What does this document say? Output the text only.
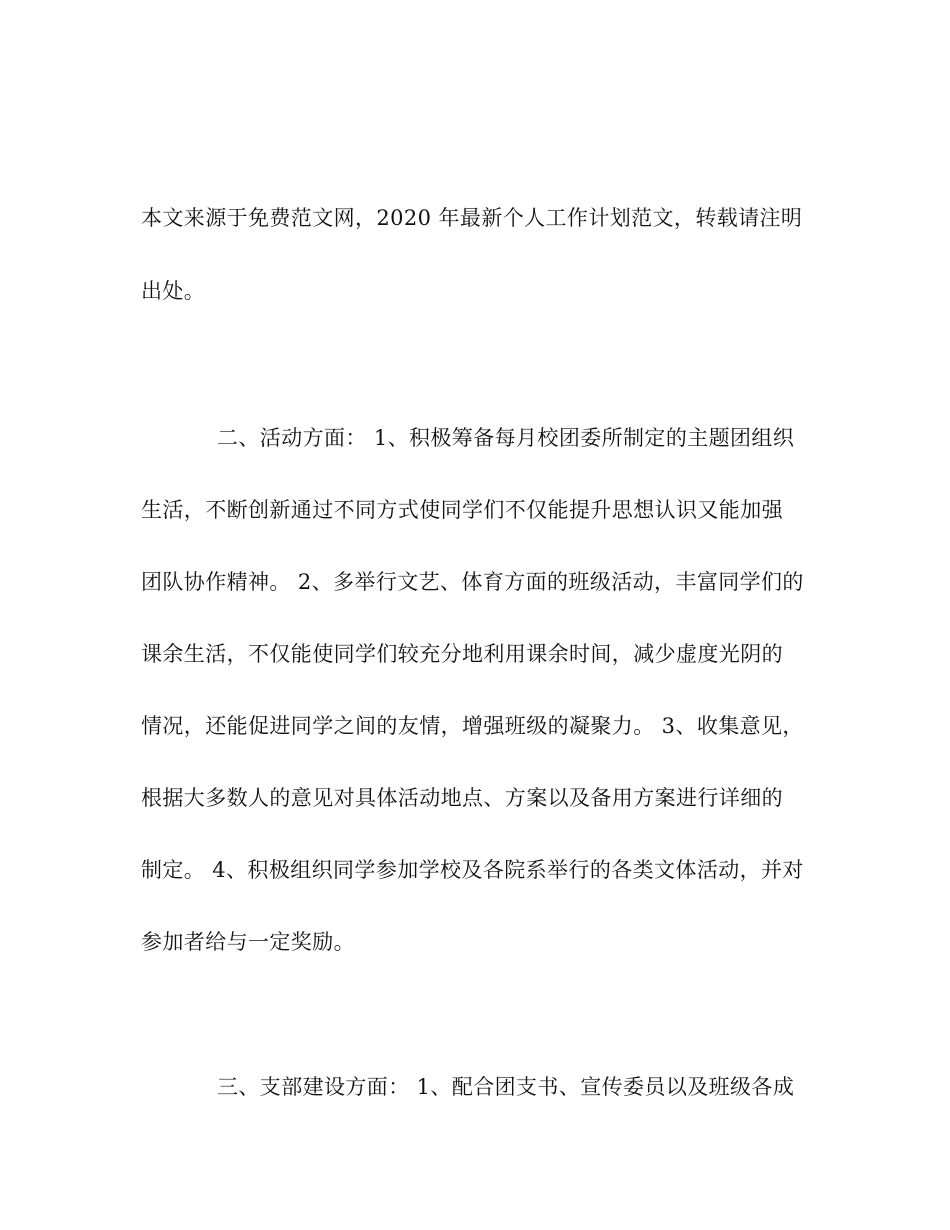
本文来源于免费范文网，2020 年最新个人工作计划范文，转载请注明
出处。
二、活动方面： 1、积极筹备每月校团委所制定的主题团组织
生活，不断创新通过不同方式使同学们不仅能提升思想认识又能加强
团队协作精神。 2、多举行文艺、体育方面的班级活动，丰富同学们的
课余生活，不仅能使同学们较充分地利用课余时间，减少虚度光阴的
情况，还能促进同学之间的友情，增强班级的凝聚力。 3、收集意见，
根据大多数人的意见对具体活动地点、方案以及备用方案进行详细的
制定。 4、积极组织同学参加学校及各院系举行的各类文体活动，并对
参加者给与一定奖励。
三、支部建设方面： 1、配合团支书、宣传委员以及班级各成
